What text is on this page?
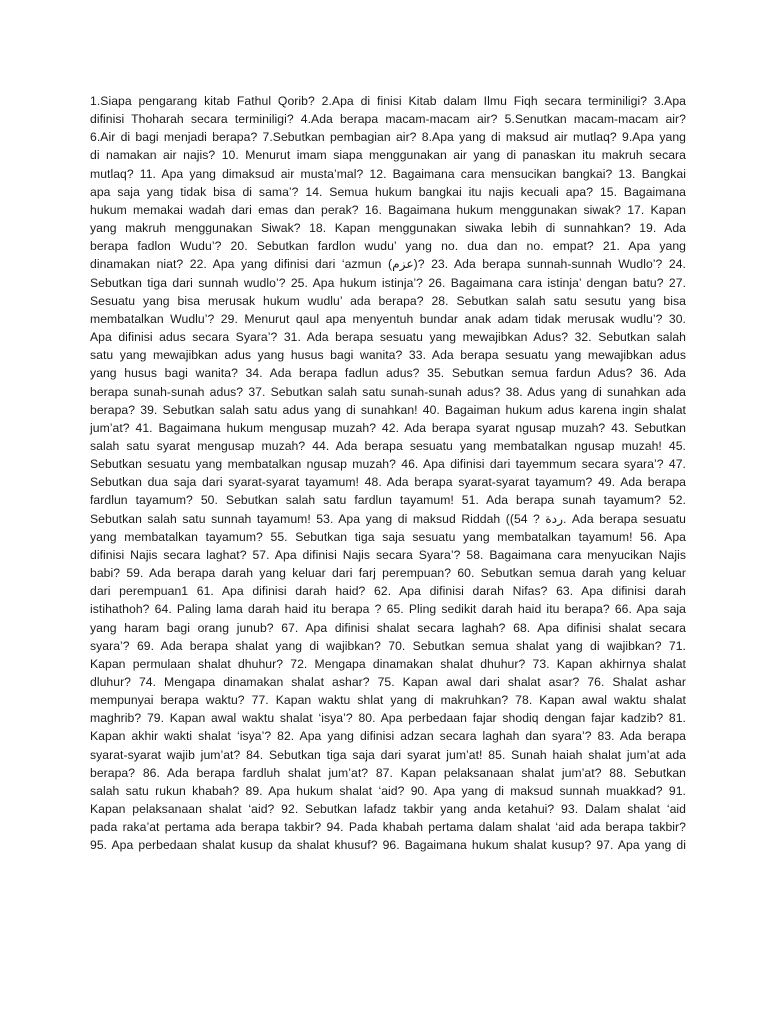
1.Siapa pengarang kitab Fathul Qorib? 2.Apa di finisi Kitab dalam Ilmu Fiqh secara terminiligi? 3.Apa
difinisi Thoharah secara terminiligi? 4.Ada berapa macam-macam air? 5.Senutkan macam-macam air?
6.Air di bagi menjadi berapa? 7.Sebutkan pembagian air? 8.Apa yang di maksud air mutlaq? 9.Apa yang
di namakan air najis? 10. Menurut imam siapa menggunakan air yang di panaskan itu makruh secara
mutlaq? 11. Apa yang dimaksud air musta’mal? 12. Bagaimana cara mensucikan bangkai? 13. Bangkai
apa saja yang tidak bisa di sama’? 14. Semua hukum bangkai itu najis kecuali apa? 15. Bagaimana
hukum memakai wadah dari emas dan perak? 16. Bagaimana hukum menggunakan siwak? 17. Kapan
yang makruh menggunakan Siwak? 18. Kapan menggunakan siwaka lebih di sunnahkan? 19. Ada
berapa fadlon Wudu’? 20. Sebutkan fardlon wudu’ yang no. dua dan no. empat? 21. Apa yang
dinamakan niat? 22. Apa yang difinisi dari ‘azmun (عزم)? 23. Ada berapa sunnah-sunnah Wudlo’? 24.
Sebutkan tiga dari sunnah wudlo’? 25. Apa hukum istinja’? 26. Bagaimana cara istinja’ dengan batu? 27.
Sesuatu yang bisa merusak hukum wudlu’ ada berapa? 28. Sebutkan salah satu sesutu yang bisa
membatalkan Wudlu’? 29. Menurut qaul apa menyentuh bundar anak adam tidak merusak wudlu’? 30.
Apa difinisi adus secara Syara’? 31. Ada berapa sesuatu yang mewajibkan Adus? 32. Sebutkan salah
satu yang mewajibkan adus yang husus bagi wanita? 33. Ada berapa sesuatu yang mewajibkan adus
yang husus bagi wanita? 34. Ada berapa fadlun adus? 35. Sebutkan semua fardun Adus? 36. Ada
berapa sunah-sunah adus? 37. Sebutkan salah satu sunah-sunah adus? 38. Adus yang di sunahkan ada
berapa? 39. Sebutkan salah satu adus yang di sunahkan! 40. Bagaiman hukum adus karena ingin shalat
jum’at? 41. Bagaimana hukum mengusap muzah? 42. Ada berapa syarat ngusap muzah? 43. Sebutkan
salah satu syarat mengusap muzah? 44. Ada berapa sesuatu yang membatalkan ngusap muzah! 45.
Sebutkan sesuatu yang membatalkan ngusap muzah? 46. Apa difinisi dari tayemmum secara syara’? 47.
Sebutkan dua saja dari syarat-syarat tayamum! 48. Ada berapa syarat-syarat tayamum? 49. Ada berapa
fardlun tayamum? 50. Sebutkan salah satu fardlun tayamum! 51. Ada berapa sunah tayamum? 52.
Sebutkan salah satu sunnah tayamum! 53. Apa yang di maksud Riddah ((ردة ? 54. Ada berapa sesuatu
yang membatalkan tayamum? 55. Sebutkan tiga saja sesuatu yang membatalkan tayamum! 56. Apa
difinisi Najis secara laghat? 57. Apa difinisi Najis secara Syara’? 58. Bagaimana cara menyucikan Najis
babi? 59. Ada berapa darah yang keluar dari farj perempuan? 60. Sebutkan semua darah yang keluar
dari perempuan1 61. Apa difinisi darah haid? 62. Apa difinisi darah Nifas? 63. Apa difinisi darah
istihathoh? 64. Paling lama darah haid itu berapa ? 65. Pling sedikit darah haid itu berapa? 66. Apa saja
yang haram bagi orang junub? 67. Apa difinisi shalat secara laghah? 68. Apa difinisi shalat secara
syara’? 69. Ada berapa shalat yang di wajibkan? 70. Sebutkan semua shalat yang di wajibkan? 71.
Kapan permulaan shalat dhuhur? 72. Mengapa dinamakan shalat dhuhur? 73. Kapan akhirnya shalat
dluhur? 74. Mengapa dinamakan shalat ashar? 75. Kapan awal dari shalat asar? 76. Shalat ashar
mempunyai berapa waktu? 77. Kapan waktu shlat yang di makruhkan? 78. Kapan awal waktu shalat
maghrib? 79. Kapan awal waktu shalat ‘isya’? 80. Apa perbedaan fajar shodiq dengan fajar kadzib? 81.
Kapan akhir wakti shalat ‘isya’? 82. Apa yang difinisi adzan secara laghah dan syara’? 83. Ada berapa
syarat-syarat wajib jum’at? 84. Sebutkan tiga saja dari syarat jum’at! 85. Sunah haiah shalat jum’at ada
berapa? 86. Ada berapa fardluh shalat jum’at? 87. Kapan pelaksanaan shalat jum’at? 88. Sebutkan
salah satu rukun khabah? 89. Apa hukum shalat ‘aid? 90. Apa yang di maksud sunnah muakkad? 91.
Kapan pelaksanaan shalat ‘aid? 92. Sebutkan lafadz takbir yang anda ketahui? 93. Dalam shalat ‘aid
pada raka’at pertama ada berapa takbir? 94. Pada khabah pertama dalam shalat ‘aid ada berapa takbir?
95. Apa perbedaan shalat kusup da shalat khusuf? 96. Bagaimana hukum shalat kusup? 97. Apa yang di
